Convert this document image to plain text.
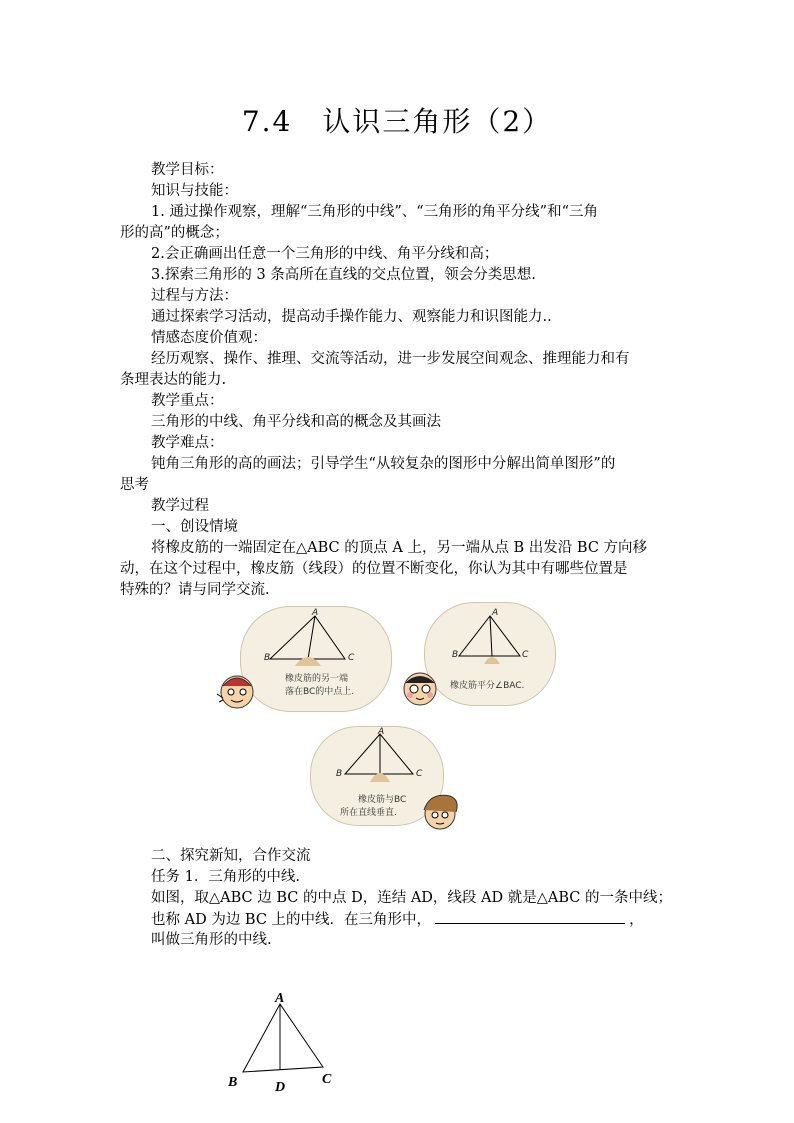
7.4　认识三角形（2）
教学目标：
知识与技能：
1. 通过操作观察，理解“三角形的中线”、“三角形的角平分线”和“三角
形的高”的概念；
2.会正确画出任意一个三角形的中线、角平分线和高；
3.探索三角形的 3 条高所在直线的交点位置，领会分类思想.
过程与方法：
通过探索学习活动，提高动手操作能力、观察能力和识图能力..
情感态度价值观：
经历观察、操作、推理、交流等活动，进一步发展空间观念、推理能力和有
条理表达的能力.
教学重点：
三角形的中线、角平分线和高的概念及其画法
教学难点：
钝角三角形的高的画法；引导学生“从较复杂的图形中分解出简单图形”的
思考
教学过程
一、创设情境
将橡皮筋的一端固定在△ABC 的顶点 A 上，另一端从点 B 出发沿 BC 方向移
动，在这个过程中，橡皮筋（线段）的位置不断变化，你认为其中有哪些位置是
特殊的？请与同学交流.
A
B	C
橡皮筋的另一端
落在BC的中点上.
A
B	C
橡皮筋平分∠BAC.
A
B	C
橡皮筋与BC
所在直线垂直.
二、探究新知，合作交流
任务 1．三角形的中线.
如图，取△ABC 边 BC 的中点 D，连结 AD，线段 AD 就是△ABC 的一条中线；
也称 AD 为边 BC 上的中线．在三角形中，	，
叫做三角形的中线.
A
B	C
D
